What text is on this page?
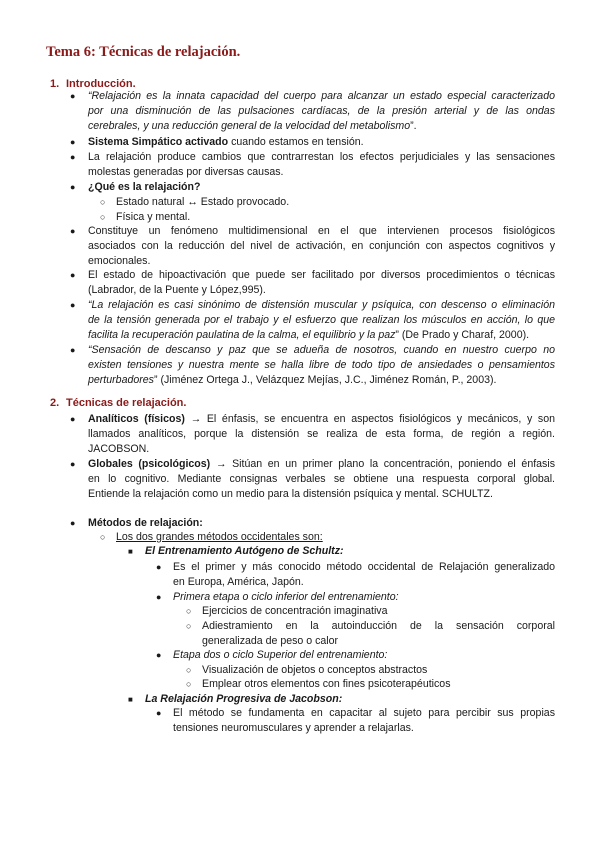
Tema 6: Técnicas de relajación.
1. Introducción.
● “Relajación es la innata capacidad del cuerpo para alcanzar un estado especial caracterizado
por una disminución de las pulsaciones cardíacas, de la presión arterial y de las ondas
cerebrales, y una reducción general de la velocidad del metabolismo”.
● Sistema Simpático activado cuando estamos en tensión.
● La relajación produce cambios que contrarrestan los efectos perjudiciales y las sensaciones
molestas generadas por diversas causas.
● ¿Qué es la relajación?
○ Estado natural ↔ Estado provocado.
○ Física y mental.
● Constituye un fenómeno multidimensional en el que intervienen procesos fisiológicos
asociados con la reducción del nivel de activación, en conjunción con aspectos cognitivos y
emocionales.
● El estado de hipoactivación que puede ser facilitado por diversos procedimientos o técnicas
(Labrador, de la Puente y López,995).
● “La relajación es casi sinónimo de distensión muscular y psíquica, con descenso o eliminación
de la tensión generada por el trabajo y el esfuerzo que realizan los músculos en acción, lo que
facilita la recuperación paulatina de la calma, el equilibrio y la paz” (De Prado y Charaf, 2000).
● “Sensación de descanso y paz que se adueña de nosotros, cuando en nuestro cuerpo no
existen tensiones y nuestra mente se halla libre de todo tipo de ansiedades o pensamientos
perturbadores” (Jiménez Ortega J., Velázquez Mejías, J.C., Jiménez Román, P., 2003).
2. Técnicas de relajación.
● Analíticos (físicos) → El énfasis, se encuentra en aspectos fisiológicos y mecánicos, y son
llamados analíticos, porque la distensión se realiza de esta forma, de región a región.
JACOBSON.
● Globales (psicológicos) → Sitúan en un primer plano la concentración, poniendo el énfasis
en lo cognitivo. Mediante consignas verbales se obtiene una respuesta corporal global.
Entiende la relajación como un medio para la distensión psíquica y mental. SCHULTZ.
● Métodos de relajación:
○ Los dos grandes métodos occidentales son:
■ El Entrenamiento Autógeno de Schultz:
● Es el primer y más conocido método occidental de Relajación generalizado
en Europa, América, Japón.
● Primera etapa o ciclo inferior del entrenamiento:
○ Ejercicios de concentración imaginativa
○ Adiestramiento en la autoinducción de la sensación corporal
generalizada de peso o calor
● Etapa dos o ciclo Superior del entrenamiento:
○ Visualización de objetos o conceptos abstractos
○ Emplear otros elementos con fines psicoterapéuticos
■ La Relajación Progresiva de Jacobson:
● El método se fundamenta en capacitar al sujeto para percibir sus propias
tensiones neuromusculares y aprender a relajarlas.
